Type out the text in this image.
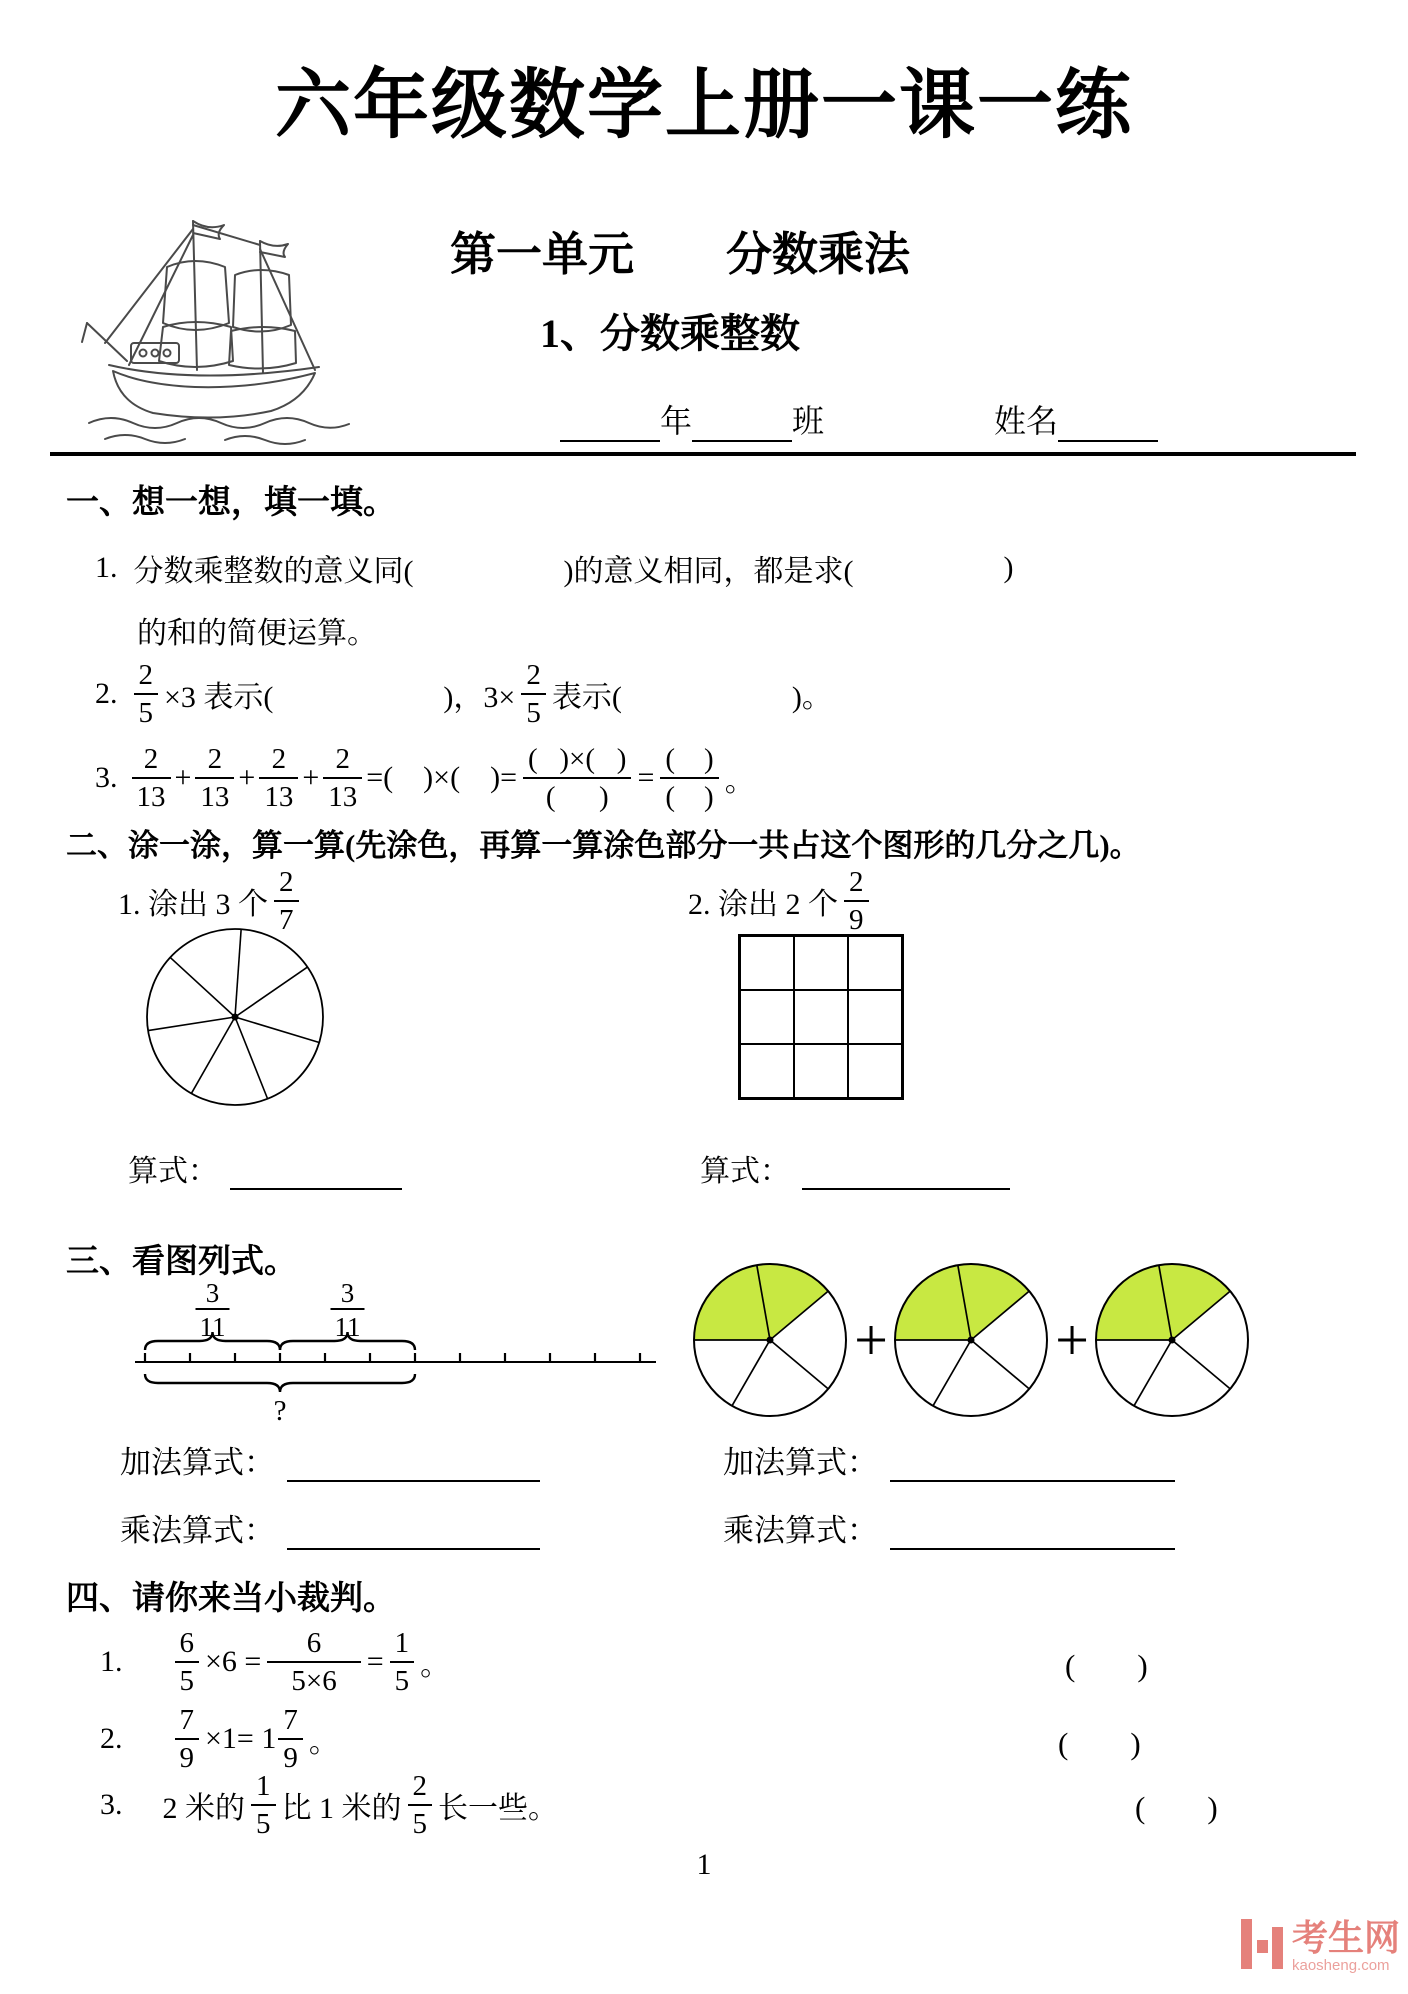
六年级数学上册一课一练
第一单元　　分数乘法
1、分数乘整数
年	班	姓名
一、想一想，填一填。
1. 分数乘整数的意义同(	)的意义相同，都是求(	)
的和的简便运算。
2. $\frac{2}{5} \times 3$ 表示(	)，$3\times \frac{2}{5}$ 表示(	)。
3. $\frac{2}{13} + \frac{2}{13} + \frac{2}{13} + \frac{2}{13}$ =(    )×(    )= $\frac{( )\times( )}{( )} = \frac{( )}{( )}$ 。
二、涂一涂，算一算(先涂色，再算一算涂色部分一共占这个图形的几分之几)。
1. 涂出 3 个 $\frac{2}{7}$	2. 涂出 2 个 $\frac{2}{9}$
算式：	算式：
三、看图列式。
3
11
3
11
?
+	+
加法算式：	加法算式：
乘法算式：	乘法算式：
四、请你来当小裁判。
1. $\frac{6}{5} \times 6 = \frac{6}{5\times 6} = \frac{1}{5}$ 。	(        )
2. $\frac{7}{9} \times 1= 1 \frac{7}{9}$ 。	(        )
3. 2 米的 $\frac{1}{5}$ 比 1 米的 $\frac{2}{5}$ 长一些。	(        )
1
考生网
kaosheng.com
